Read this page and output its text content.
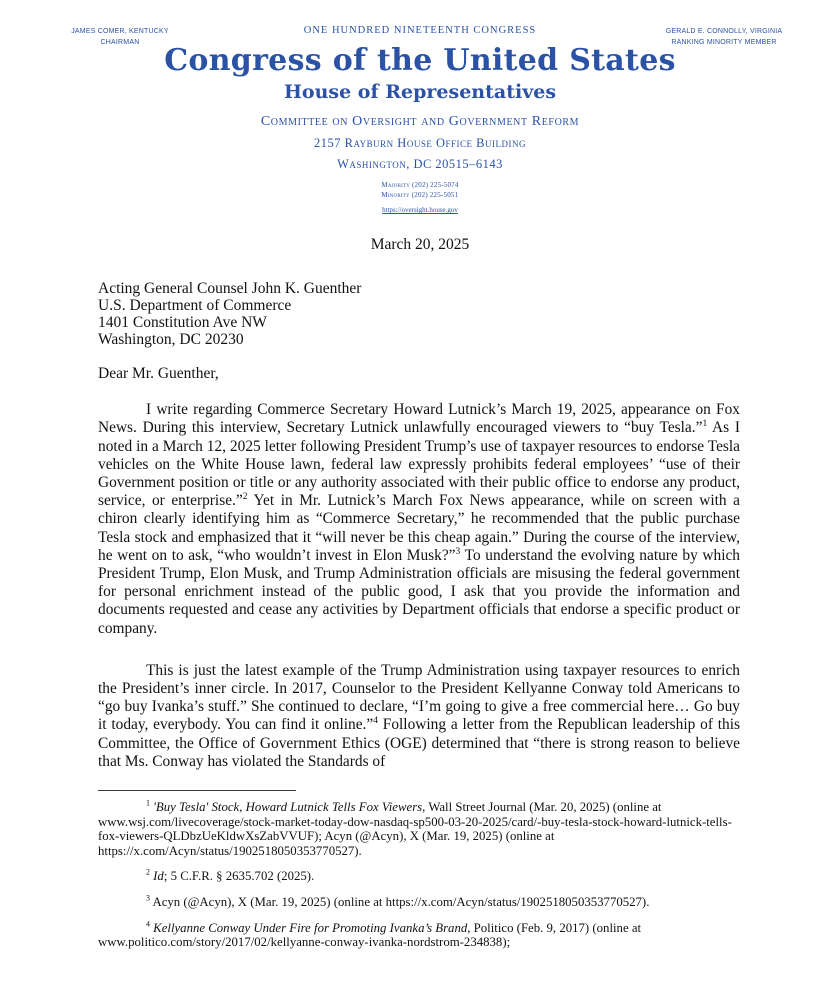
JAMES COMER, KENTUCKY
CHAIRMAN
GERALD E. CONNOLLY, VIRGINIA
RANKING MINORITY MEMBER
ONE HUNDRED NINETEENTH CONGRESS
Congress of the United States
House of Representatives
Committee on Oversight and Government Reform
2157 Rayburn House Office Building
Washington, DC 20515–6143
Majority (202) 225‑5074
Minority (202) 225‑5051
https://oversight.house.gov
March 20, 2025
Acting General Counsel John K. Guenther
U.S. Department of Commerce
1401 Constitution Ave NW
Washington, DC 20230
Dear Mr. Guenther,

I write regarding Commerce Secretary Howard Lutnick’s March 19, 2025, appearance on Fox News. During this interview, Secretary Lutnick unlawfully encouraged viewers to “buy Tesla.”$^1$ As I noted in a March 12, 2025 letter following President Trump’s use of taxpayer resources to endorse Tesla vehicles on the White House lawn, federal law expressly prohibits federal employees’ “use of their Government position or title or any authority associated with their public office to endorse any product, service, or enterprise.”$^2$ Yet in Mr. Lutnick’s March Fox News appearance, while on screen with a chiron clearly identifying him as “Commerce Secretary,” he recommended that the public purchase Tesla stock and emphasized that it “will never be this cheap again.” During the course of the interview, he went on to ask, “who wouldn’t invest in Elon Musk?”$^3$ To understand the evolving nature by which President Trump, Elon Musk, and Trump Administration officials are misusing the federal government for personal enrichment instead of the public good, I ask that you provide the information and documents requested and cease any activities by Department officials that endorse a specific product or company.

This is just the latest example of the Trump Administration using taxpayer resources to enrich the President’s inner circle. In 2017, Counselor to the President Kellyanne Conway told Americans to “go buy Ivanka’s stuff.” She continued to declare, “I’m going to give a free commercial here… Go buy it today, everybody. You can find it online.”$^4$ Following a letter from the Republican leadership of this Committee, the Office of Government Ethics (OGE) determined that “there is strong reason to believe that Ms. Conway has violated the Standards of

$^1$ 'Buy Tesla' Stock, Howard Lutnick Tells Fox Viewers, Wall Street Journal (Mar. 20, 2025) (online at www.wsj.com/livecoverage/stock-market-today-dow-nasdaq-sp500-03-20-2025/card/-buy-tesla-stock-howard-lutnick-tells-fox-viewers-QLDbzUeKldwXsZabVVUF); Acyn (@Acyn), X (Mar. 19, 2025) (online at https://x.com/Acyn/status/1902518050353770527).

$^2$ Id; 5 C.F.R. § 2635.702 (2025).

$^3$ Acyn (@Acyn), X (Mar. 19, 2025) (online at https://x.com/Acyn/status/1902518050353770527).

$^4$ Kellyanne Conway Under Fire for Promoting Ivanka’s Brand, Politico (Feb. 9, 2017) (online at www.politico.com/story/2017/02/kellyanne-conway-ivanka-nordstrom-234838);
